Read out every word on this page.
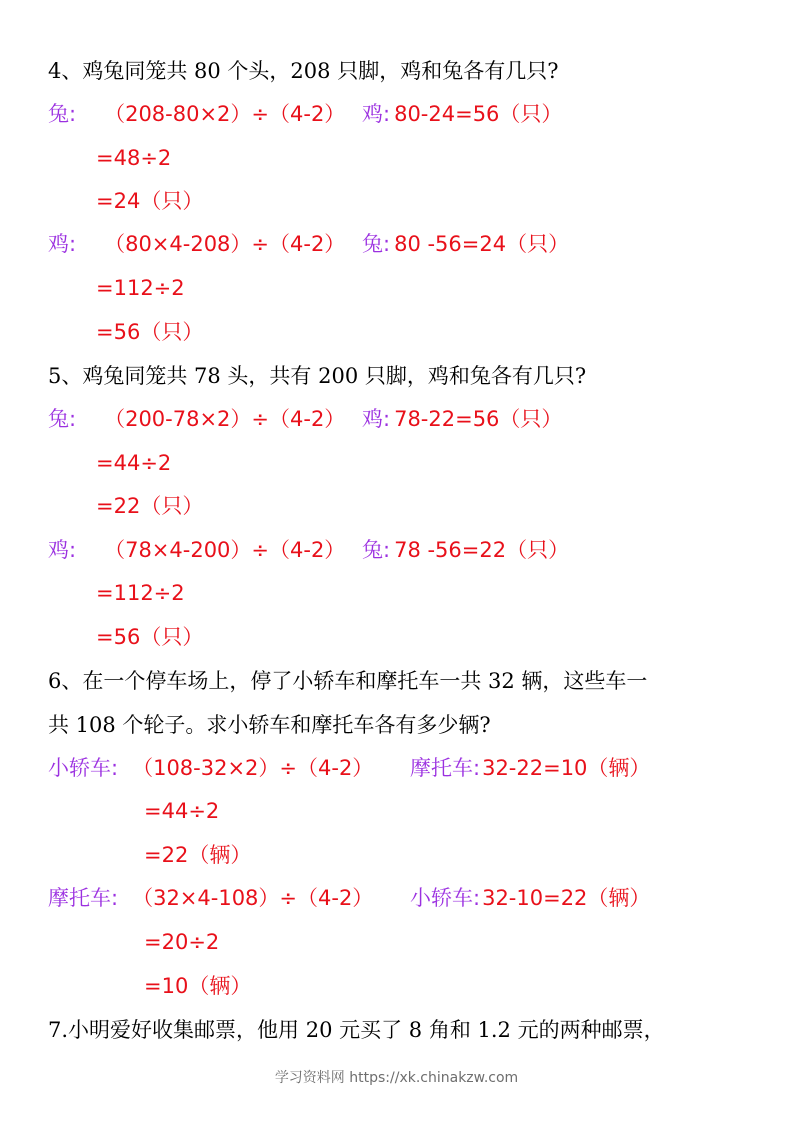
4、鸡兔同笼共 80 个头，208 只脚，鸡和兔各有几只?
兔: （208-80×2）÷（4-2） 鸡: 80-24=56（只）
=48÷2
=24（只）
鸡: （80×4-208）÷（4-2） 兔: 80 -56=24（只）
=112÷2
=56（只）
5、鸡兔同笼共 78 头，共有 200 只脚，鸡和兔各有几只?
兔: （200-78×2）÷（4-2） 鸡: 78-22=56（只）
=44÷2
=22（只）
鸡: （78×4-200）÷（4-2） 兔: 78 -56=22（只）
=112÷2
=56（只）
6、在一个停车场上，停了小轿车和摩托车一共 32 辆，这些车一
共 108 个轮子。求小轿车和摩托车各有多少辆?
小轿车: （108-32×2）÷（4-2） 摩托车:32-22=10（辆）
=44÷2
=22（辆）
摩托车: （32×4-108）÷（4-2） 小轿车:32-10=22（辆）
=20÷2
=10（辆）
7.小明爱好收集邮票，他用 20 元买了 8 角和 1.2 元的两种邮票，
学习资料网 https://xk.chinakzw.com
